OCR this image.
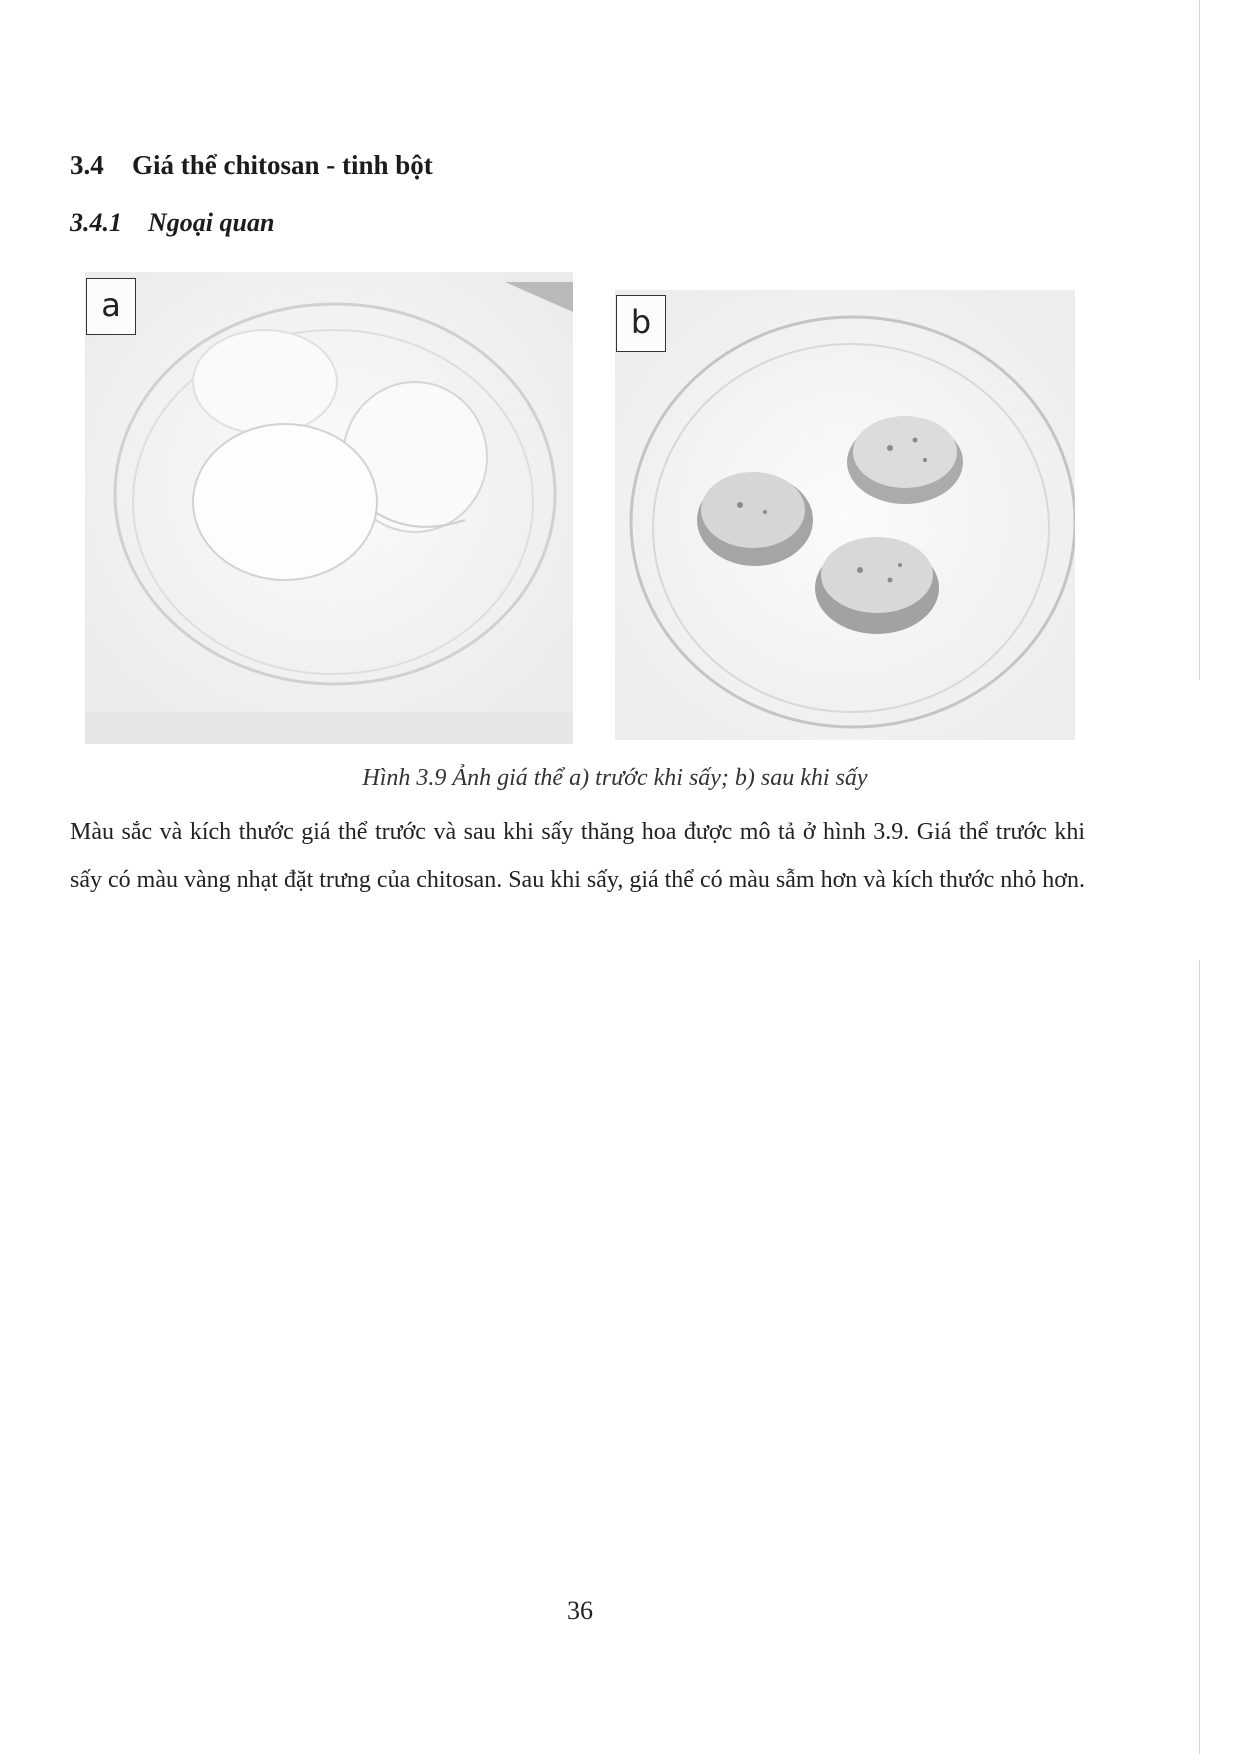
3.4 Giá thể chitosan - tinh bột
3.4.1 Ngoại quan
a	b
Hình 3.9 Ảnh giá thể a) trước khi sấy; b) sau khi sấy
Màu sắc và kích thước giá thể trước và sau khi sấy thăng hoa được mô tả ở hình 3.9. Giá thể trước khi sấy có màu vàng nhạt đặt trưng của chitosan. Sau khi sấy, giá thể có màu sẫm hơn và kích thước nhỏ hơn.
36
